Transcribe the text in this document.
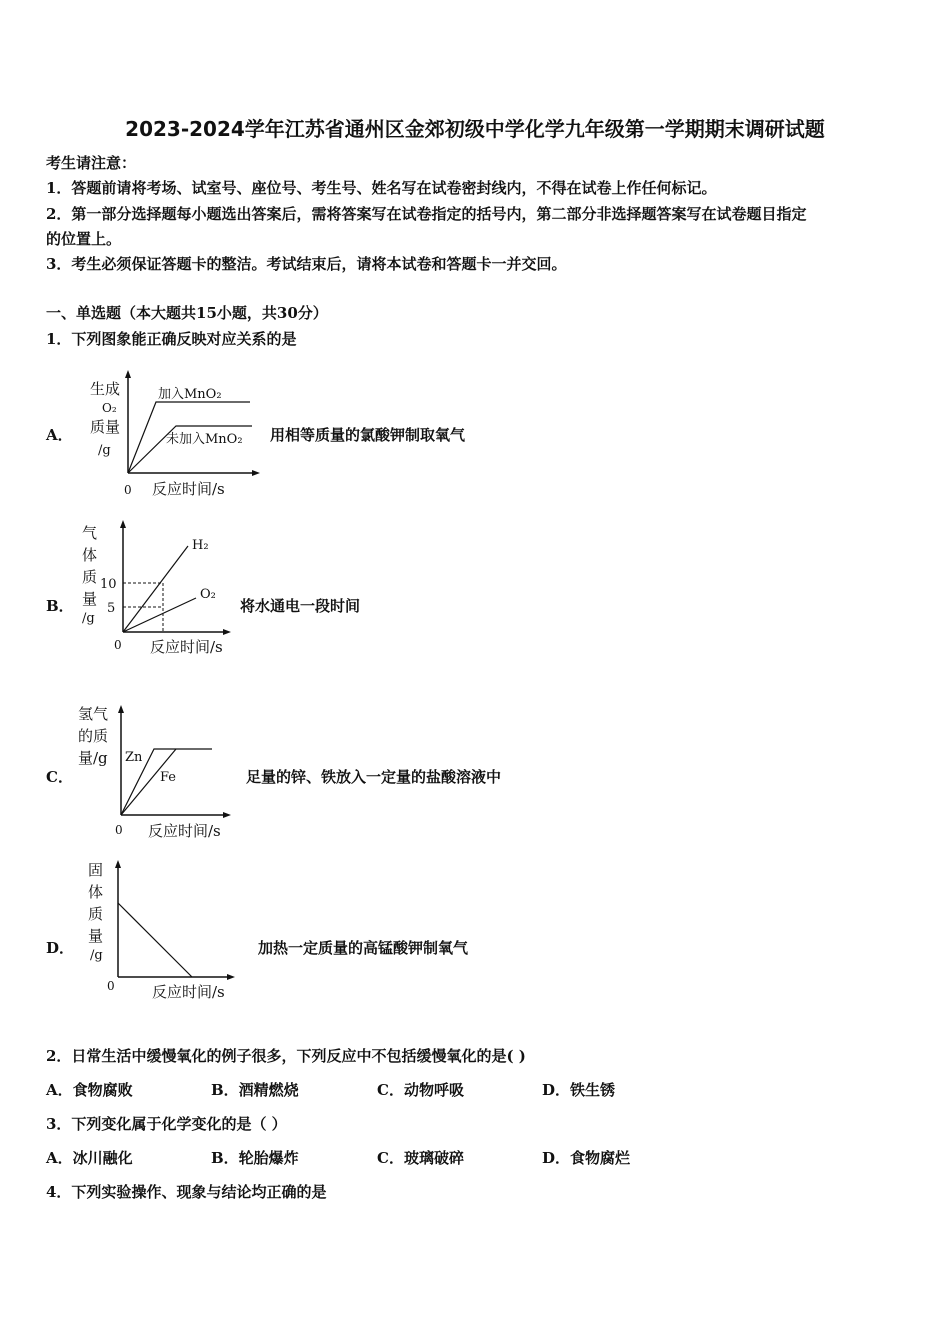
2023-2024学年江苏省通州区金郊初级中学化学九年级第一学期期末调研试题
考生请注意：
1．答题前请将考场、试室号、座位号、考生号、姓名写在试卷密封线内，不得在试卷上作任何标记。
2．第一部分选择题每小题选出答案后，需将答案写在试卷指定的括号内，第二部分非选择题答案写在试卷题目指定
的位置上。
3．考生必须保证答题卡的整洁。考试结束后，请将本试卷和答题卡一并交回。
一、单选题（本大题共15小题，共30分）
1．下列图象能正确反映对应关系的是
A．
生成
O₂
质量
/g
加入MnO₂
未加入MnO₂
0 反应时间/s
用相等质量的氯酸钾制取氧气
B．
气
体
质
量
/g
10
5
H₂
O₂
0 反应时间/s
将水通电一段时间
C．
氢气
的质
量/g Zn
Fe
0 反应时间/s
足量的锌、铁放入一定量的盐酸溶液中
D．
固
体
质
量
/g
0 反应时间/s
加热一定质量的高锰酸钾制氧气
2．日常生活中缓慢氧化的例子很多，下列反应中不包括缓慢氧化的是( )
A．食物腐败	B．酒精燃烧	C．动物呼吸	D．铁生锈
3．下列变化属于化学变化的是（ ）
A．冰川融化	B．轮胎爆炸	C．玻璃破碎	D．食物腐烂
4．下列实验操作、现象与结论均正确的是
